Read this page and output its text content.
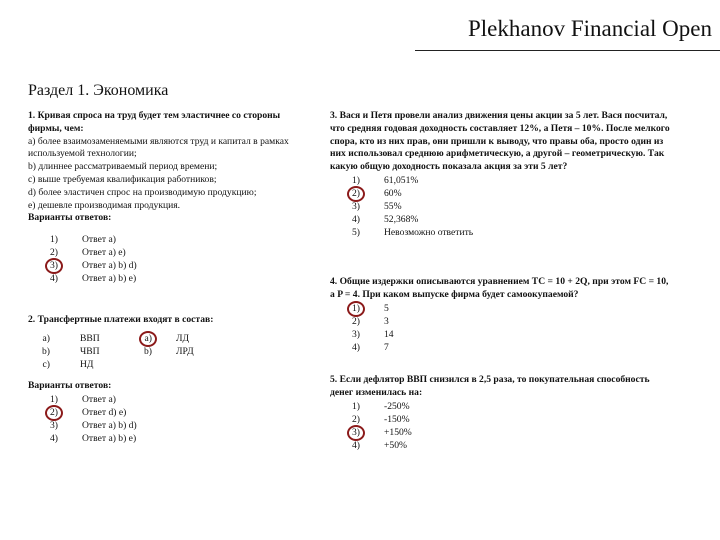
Plekhanov Financial Open
Раздел 1. Экономика
1. Кривая спроса на труд будет тем эластичнее со стороны фирмы, чем:
a) более взаимозаменяемыми являются труд и капитал в рамках используемой технологии;
b) длиннее рассматриваемый период времени;
c) выше требуемая квалификация работников;
d) более эластичен спрос на производимую продукцию;
e) дешевле производимая продукция.
Варианты ответов:
1)	Ответ a)
2)	Ответ a) e)
3)	Ответ a) b) d)
4)	Ответ a) b) e)
2. Трансфертные платежи входят в состав:
a)	ВВП
b)	ЧВП
c)	НД
a)	ЛД
b)	ЛРД
Варианты ответов:
1)	Ответ a)
2)	Ответ d) e)
3)	Ответ a) b) d)
4)	Ответ a) b) e)
3. Вася и Петя провели анализ движения цены акции за 5 лет. Вася посчитал, что средняя годовая доходность составляет 12%, а Петя – 10%. После мелкого спора, кто из них прав, они пришли к выводу, что правы оба, просто один из них использовал среднюю арифметическую, а другой – геометрическую. Так какую общую доходность показала акция за эти 5 лет?
1)	61,051%
2)	60%
3)	55%
4)	52,368%
5)	Невозможно ответить
4. Общие издержки описываются уравнением TC = 10 + 2Q, при этом FC = 10, а P = 4. При каком выпуске фирма будет самоокупаемой?
1)	5
2)	3
3)	14
4)	7
5. Если дефлятор ВВП снизился в 2,5 раза, то покупательная способность денег изменилась на:
1)	-250%
2)	-150%
3)	+150%
4)	+50%
